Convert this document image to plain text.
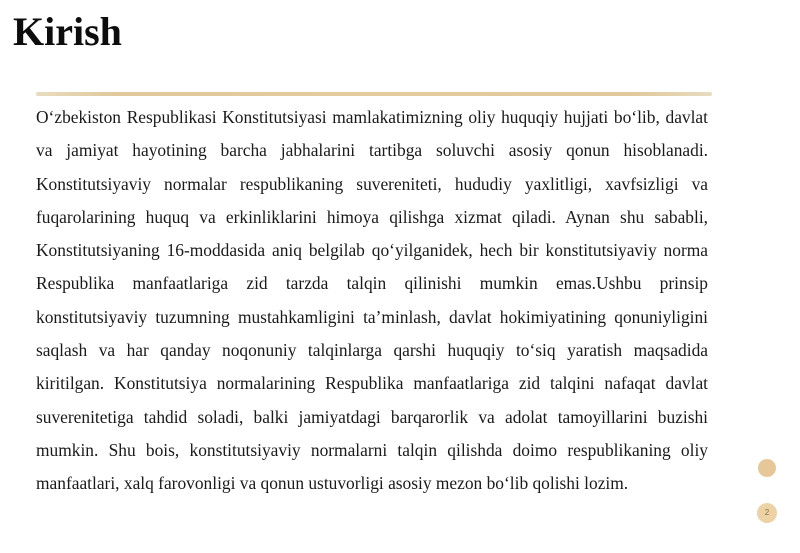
Kirish

O‘zbekiston Respublikasi Konstitutsiyasi mamlakatimizning oliy huquqiy hujjati bo‘lib, davlat va jamiyat hayotining barcha jabhalarini tartibga soluvchi asosiy qonun hisoblanadi. Konstitutsiyaviy normalar respublikaning suvereniteti, hududiy yaxlitligi, xavfsizligi va fuqarolarining huquq va erkinliklarini himoya qilishga xizmat qiladi. Aynan shu sababli, Konstitutsiyaning 16-moddasida aniq belgilab qo‘yilganidek, hech bir konstitutsiyaviy norma Respublika manfaatlariga zid tarzda talqin qilinishi mumkin emas.Ushbu prinsip konstitutsiyaviy tuzumning mustahkamligini ta’minlash, davlat hokimiyatining qonuniyligini saqlash va har qanday noqonuniy talqinlarga qarshi huquqiy to‘siq yaratish maqsadida kiritilgan. Konstitutsiya normalarining Respublika manfaatlariga zid talqini nafaqat davlat suverenitetiga tahdid soladi, balki jamiyatdagi barqarorlik va adolat tamoyillarini buzishi mumkin. Shu bois, konstitutsiyaviy normalarni talqin qilishda doimo respublikaning oliy manfaatlari, xalq farovonligi va qonun ustuvorligi asosiy mezon bo‘lib qolishi lozim.

2
